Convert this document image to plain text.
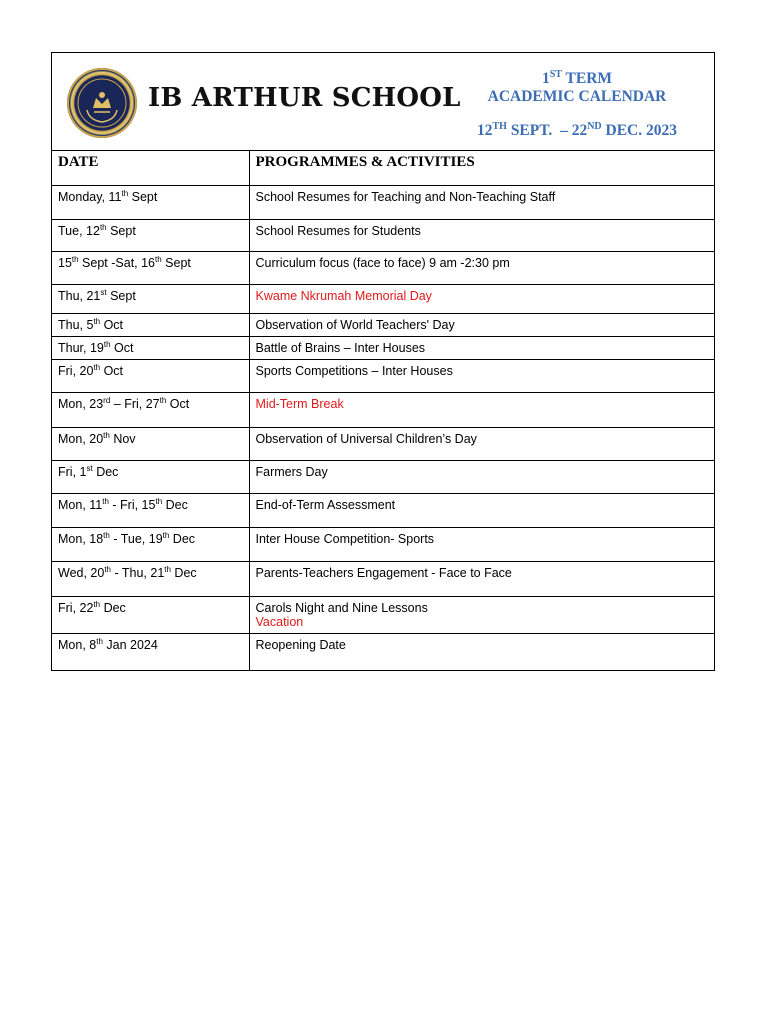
IB ARTHUR SCHOOL
1ST TERM
ACADEMIC CALENDAR
12TH SEPT. – 22ND DEC. 2023
DATE	PROGRAMMES & ACTIVITIES
Monday, 11th Sept	School Resumes for Teaching and Non-Teaching Staff

Tue, 12th Sept	School Resumes for Students

15th Sept -Sat, 16th Sept	Curriculum focus (face to face) 9 am -2:30 pm

Thu, 21st Sept	Kwame Nkrumah Memorial Day

Thu, 5th Oct	Observation of World Teachers' Day

Thur, 19th Oct	Battle of Brains – Inter Houses

Fri, 20th Oct	Sports Competitions – Inter Houses

Mon, 23rd – Fri, 27th Oct	Mid-Term Break

Mon, 20th Nov	Observation of Universal Children’s Day

Fri, 1st Dec	Farmers Day

Mon, 11th - Fri, 15th Dec	End-of-Term Assessment

Mon, 18th - Tue, 19th Dec	Inter House Competition- Sports

Wed, 20th - Thu, 21th Dec	Parents-Teachers Engagement - Face to Face

Fri, 22th Dec	Carols Night and Nine Lessons
Vacation

Mon, 8th Jan 2024	Reopening Date
